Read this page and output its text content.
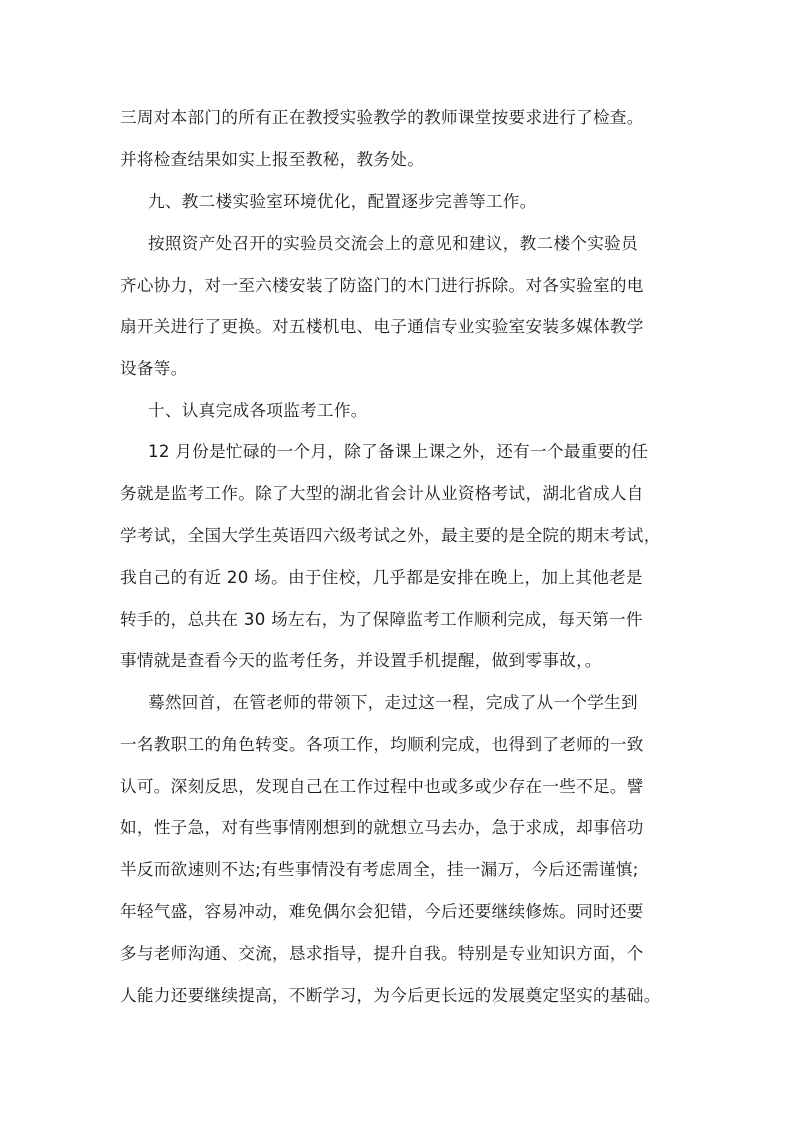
三周对本部门的所有正在教授实验教学的教师课堂按要求进行了检查。
并将检查结果如实上报至教秘，教务处。
九、教二楼实验室环境优化，配置逐步完善等工作。
按照资产处召开的实验员交流会上的意见和建议，教二楼个实验员
齐心协力，对一至六楼安装了防盗门的木门进行拆除。对各实验室的电
扇开关进行了更换。对五楼机电、电子通信专业实验室安装多媒体教学
设备等。
十、认真完成各项监考工作。
12 月份是忙碌的一个月，除了备课上课之外，还有一个最重要的任
务就是监考工作。除了大型的湖北省会计从业资格考试，湖北省成人自
学考试，全国大学生英语四六级考试之外，最主要的是全院的期末考试，
我自己的有近 20 场。由于住校，几乎都是安排在晚上，加上其他老是
转手的，总共在 30 场左右，为了保障监考工作顺利完成，每天第一件
事情就是查看今天的监考任务，并设置手机提醒，做到零事故，。
蓦然回首，在管老师的带领下，走过这一程，完成了从一个学生到
一名教职工的角色转变。各项工作，均顺利完成，也得到了老师的一致
认可。深刻反思，发现自己在工作过程中也或多或少存在一些不足。譬
如，性子急，对有些事情刚想到的就想立马去办，急于求成，却事倍功
半反而欲速则不达;有些事情没有考虑周全，挂一漏万，今后还需谨慎;
年轻气盛，容易冲动，难免偶尔会犯错，今后还要继续修炼。同时还要
多与老师沟通、交流，恳求指导，提升自我。特别是专业知识方面，个
人能力还要继续提高，不断学习，为今后更长远的发展奠定坚实的基础。
